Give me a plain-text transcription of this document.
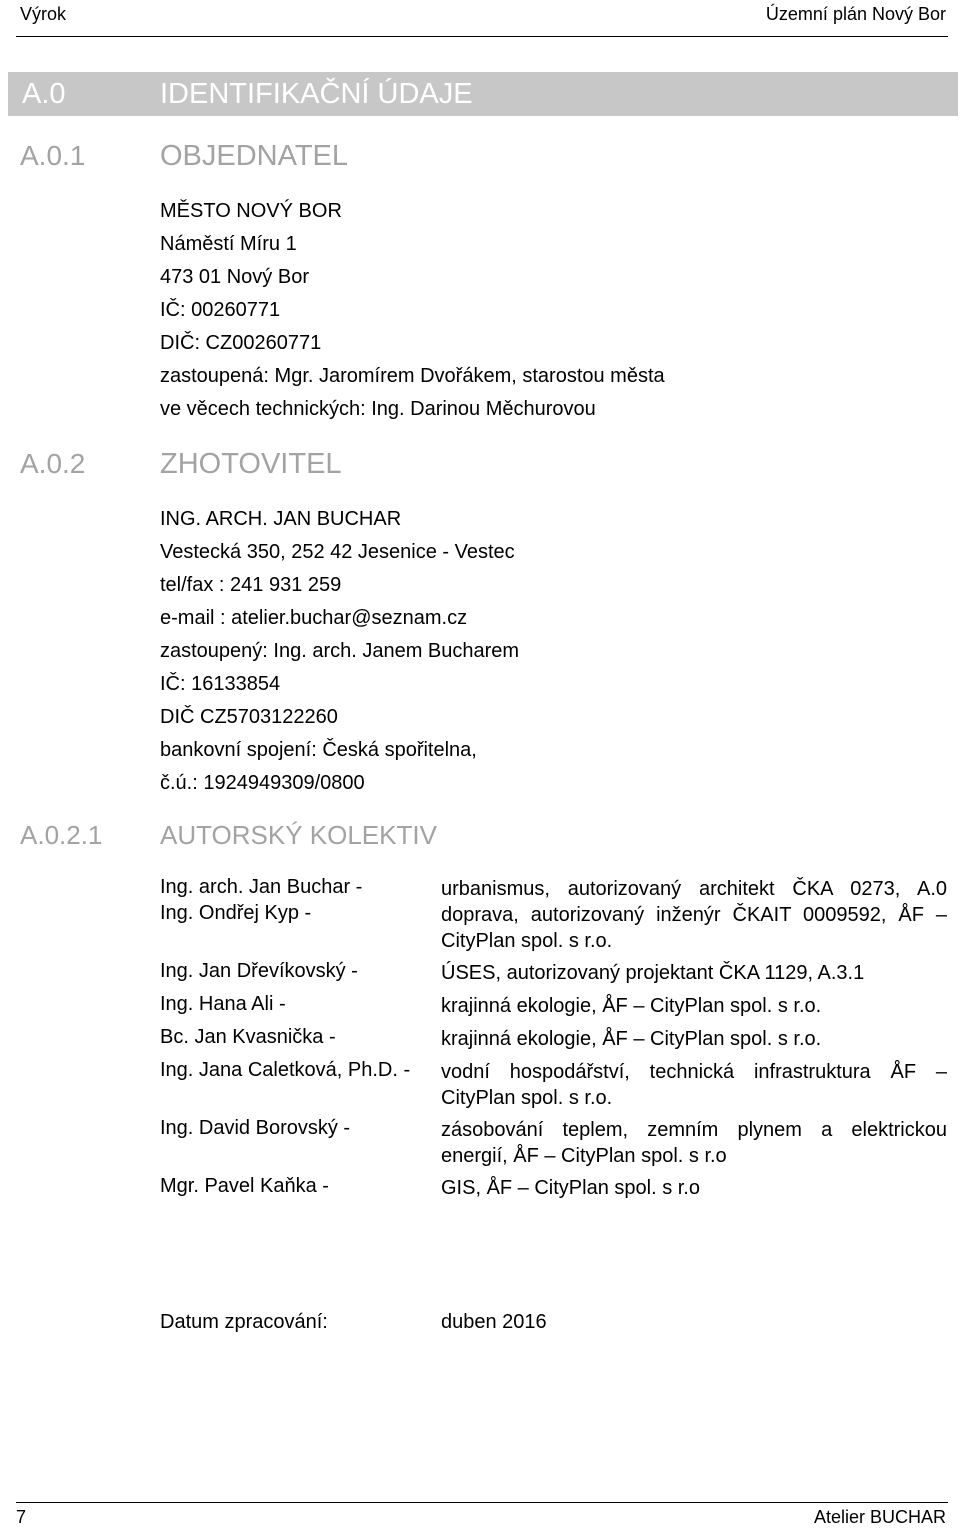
Výrok	Územní plán Nový Bor
A.0	IDENTIFIKAČNÍ ÚDAJE
A.0.1	OBJEDNATEL
MĚSTO NOVÝ BOR
Náměstí Míru 1
473 01 Nový Bor
IČ: 00260771
DIČ: CZ00260771
zastoupená: Mgr. Jaromírem Dvořákem, starostou města
ve věcech technických: Ing. Darinou Měchurovou
A.0.2	ZHOTOVITEL
ING. ARCH. JAN BUCHAR
Vestecká 350, 252 42 Jesenice - Vestec
tel/fax : 241 931 259
e-mail : atelier.buchar@seznam.cz
zastoupený: Ing. arch. Janem Bucharem
IČ: 16133854
DIČ CZ5703122260
bankovní spojení: Česká spořitelna,
č.ú.: 1924949309/0800
A.0.2.1 AUTORSKÝ KOLEKTIV
Ing. arch. Jan Buchar -	urbanismus, autorizovaný architekt ČKA 0273, A.0
Ing. Ondřej Kyp -	doprava, autorizovaný inženýr ČKAIT 0009592, ÅF – CityPlan spol. s r.o.
Ing. Jan Dřevíkovský -	ÚSES, autorizovaný projektant ČKA 1129, A.3.1
Ing. Hana Ali -	krajinná ekologie, ÅF – CityPlan spol. s r.o.
Bc. Jan Kvasnička -	krajinná ekologie, ÅF – CityPlan spol. s r.o.
Ing. Jana Caletková, Ph.D. - vodní hospodářství, technická infrastruktura ÅF – CityPlan spol. s r.o.
Ing. David Borovský -	zásobování teplem, zemním plynem a elektrickou energií, ÅF – CityPlan spol. s r.o
Mgr. Pavel Kaňka -	GIS, ÅF – CityPlan spol. s r.o
Datum zpracování:	duben 2016
7	Atelier BUCHAR
